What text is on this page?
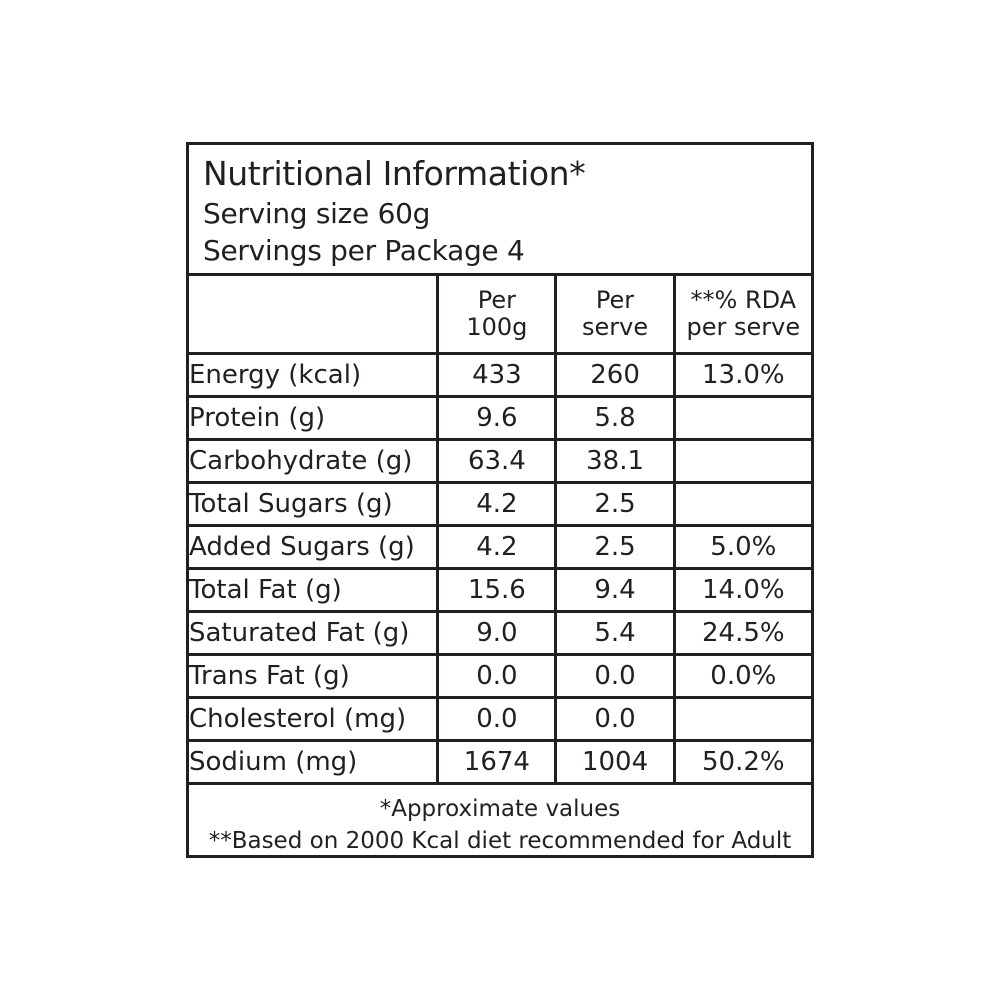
Nutritional Information*
Serving size 60g
Servings per Package 4

Per
100g

Per
serve

**% RDA
per serve

Energy (kcal)	433	260	13.0%
Protein (g)	9.6	5.8	
Carbohydrate (g)	63.4	38.1	
Total Sugars (g)	4.2	2.5	
Added Sugars (g)	4.2	2.5	5.0%
Total Fat (g)	15.6	9.4	14.0%
Saturated Fat (g)	9.0	5.4	24.5%
Trans Fat (g)	0.0	0.0	0.0%
Cholesterol (mg)	0.0	0.0	
Sodium (mg)	1674	1004	50.2%
*Approximate values
**Based on 2000 Kcal diet recommended for Adult
